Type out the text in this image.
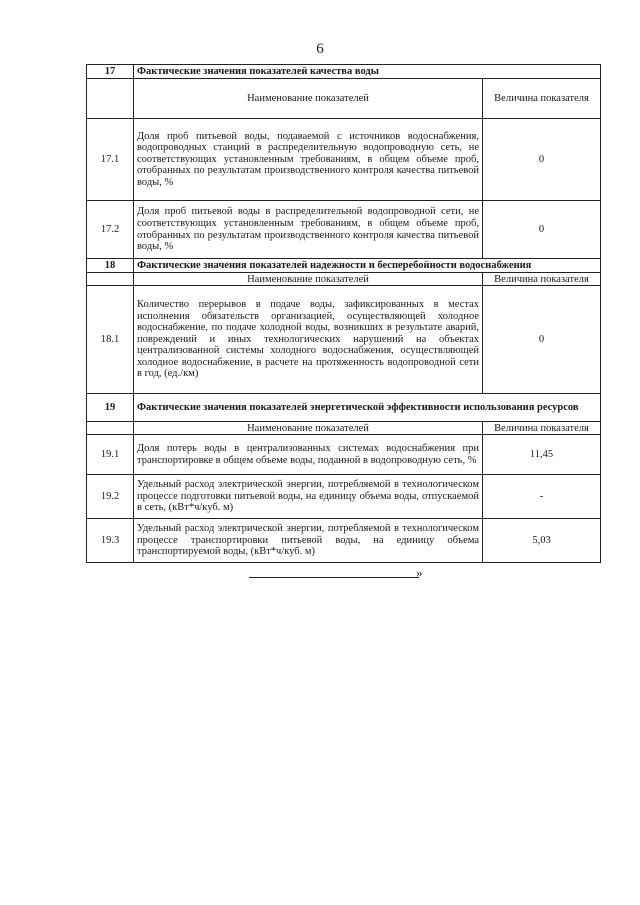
6
17	Фактические значения показателей качества воды	
	Наименование показателей	Величина показателя
17.1	Доля проб питьевой воды, подаваемой с источников водоснабжения, водопроводных станций в распределительную водопроводную сеть, не соответствующих установленным требованиям, в общем объеме проб, отобранных по результатам производственного контроля качества питьевой воды, %	0
17.2	Доля проб питьевой воды в распределительной водопроводной сети, не соответствующих установленным требованиям, в общем объеме проб, отобранных по результатам производственного контроля качества питьевой воды, %	0
18	Фактические значения показателей надежности и бесперебойности водоснабжения	
	Наименование показателей	Величина показателя
18.1	Количество перерывов в подаче воды, зафиксированных в местах исполнения обязательств организацией, осуществляющей холодное водоснабжение, по подаче холодной воды, возникших в результате аварий, повреждений и иных технологических нарушений на объектах централизованной системы холодного водоснабжения, осуществляющей холодное водоснабжение, в расчете на протяженность водопроводной сети в год, (ед./км)	0
19	Фактические значения показателей энергетической эффективности использования ресурсов	
	Наименование показателей	Величина показателя
19.1	Доля потерь воды в централизованных системах водоснабжения при транспортировке в общем объеме воды, поданной в водопроводную сеть, %	11,45
19.2	Удельный расход электрической энергии, потребляемой в технологическом процессе подготовки питьевой воды, на единицу объема воды, отпускаемой в сеть, (кВт*ч/куб. м)	-
19.3	Удельный расход электрической энергии, потребляемой в технологическом процессе транспортировки питьевой воды, на единицу объема транспортируемой воды, (кВт*ч/куб. м)	5,03
»
